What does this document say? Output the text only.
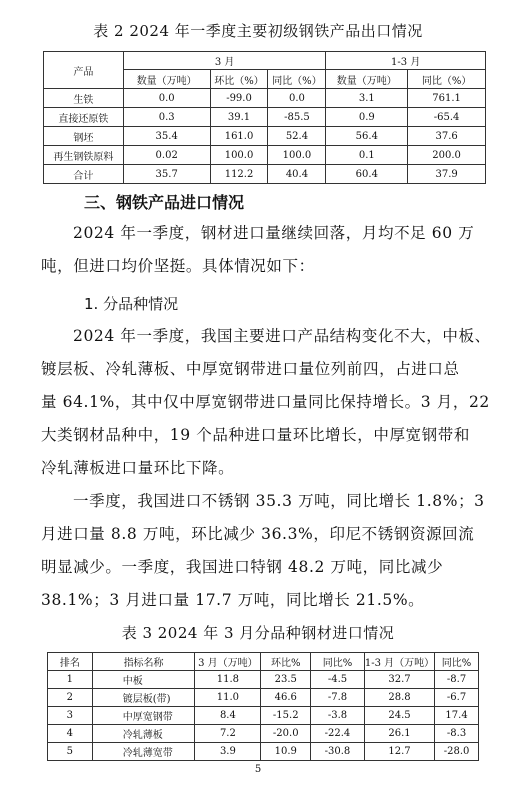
表 2 2024 年一季度主要初级钢铁产品出口情况
产品	3 月			1-3 月	
	数量（万吨）	环比（%）	同比（%）	数量（万吨）	同比（%）
生铁	0.0	-99.0	0.0	3.1	761.1
直接还原铁	0.3	39.1	-85.5	0.9	-65.4
钢坯	35.4	161.0	52.4	56.4	37.6
再生钢铁原料	0.02	100.0	100.0	0.1	200.0
合计	35.7	112.2	40.4	60.4	37.9
三、钢铁产品进口情况
2024 年一季度，钢材进口量继续回落，月均不足 60 万
吨，但进口均价坚挺。具体情况如下：
1. 分品种情况
2024 年一季度，我国主要进口产品结构变化不大，中板、
镀层板、冷轧薄板、中厚宽钢带进口量位列前四，占进口总
量 64.1%，其中仅中厚宽钢带进口量同比保持增长。3 月，22
大类钢材品种中，19 个品种进口量环比增长，中厚宽钢带和
冷轧薄板进口量环比下降。
一季度，我国进口不锈钢 35.3 万吨，同比增长 1.8%；3
月进口量 8.8 万吨，环比减少 36.3%，印尼不锈钢资源回流
明显减少。一季度，我国进口特钢 48.2 万吨，同比减少
38.1%；3 月进口量 17.7 万吨，同比增长 21.5%。
表 3 2024 年 3 月分品种钢材进口情况
排名	指标名称	3 月（万吨）	环比%	同比%	1-3 月（万吨）	同比%
1	中板	11.8	23.5	-4.5	32.7	-8.7
2	镀层板(带)	11.0	46.6	-7.8	28.8	-6.7
3	中厚宽钢带	8.4	-15.2	-3.8	24.5	17.4
4	冷轧薄板	7.2	-20.0	-22.4	26.1	-8.3
5	冷轧薄宽带	3.9	10.9	-30.8	12.7	-28.0
5
